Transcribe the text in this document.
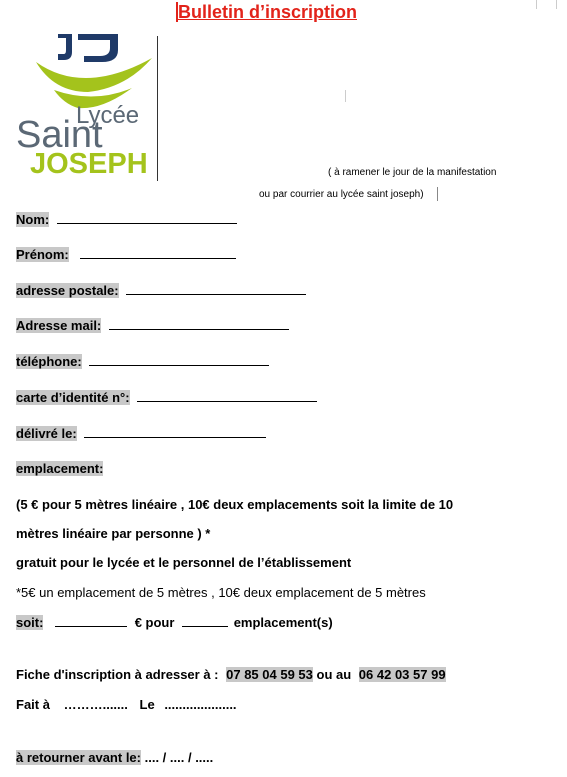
Bulletin d’inscription
Lycée
Saint
JOSEPH	( à ramener le jour de la manifestation
ou par courrier au lycée saint joseph)
Nom:
Prénom:
adresse postale:
Adresse mail:
téléphone:
carte d’identité n°:
délivré le:
emplacement:
(5 € pour 5 mètres linéaire , 10€ deux emplacements soit la limite de 10
mètres linéaire par personne ) *
gratuit pour le lycée et le personnel de l’établissement
*5€ un emplacement de 5 mètres , 10€ deux emplacement de 5 mètres
soit:	€ pour	emplacement(s)
Fiche d'inscription à adresser à : 07 85 04 59 53 ou au 06 42 03 57 99
Fait à ………....... Le ....................
à retourner avant le: .... / .... / .....
